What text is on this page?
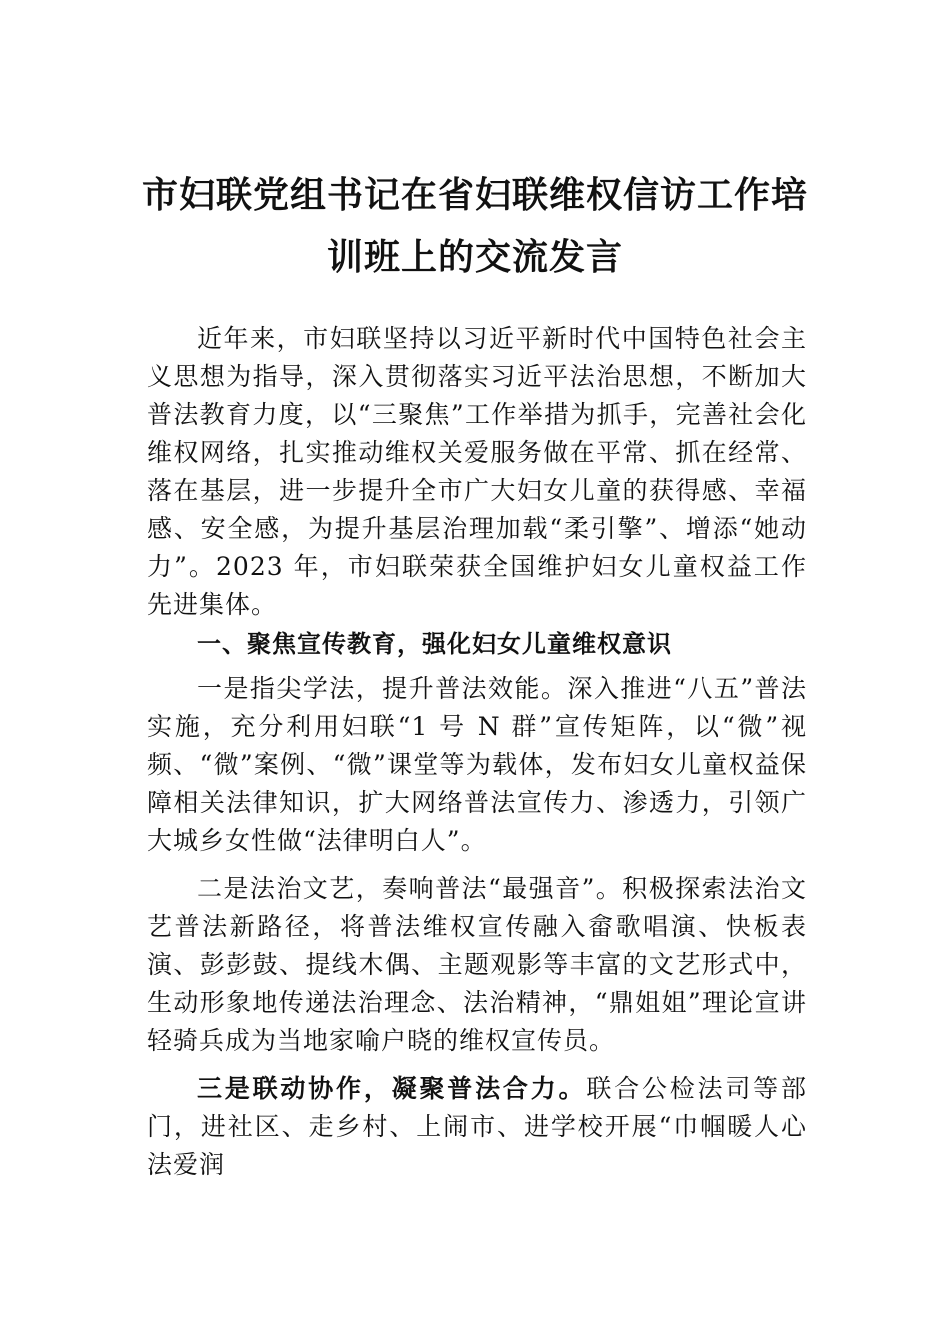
市妇联党组书记在省妇联维权信访工作培
训班上的交流发言

近年来，市妇联坚持以习近平新时代中国特色社会主义思想为指导，深入贯彻落实习近平法治思想，不断加大普法教育力度，以“三聚焦”工作举措为抓手，完善社会化维权网络，扎实推动维权关爱服务做在平常、抓在经常、落在基层，进一步提升全市广大妇女儿童的获得感、幸福感、安全感，为提升基层治理加载“柔引擎”、增添“她动力”。2023 年，市妇联荣获全国维护妇女儿童权益工作先进集体。

一、聚焦宣传教育，强化妇女儿童维权意识

一是指尖学法，提升普法效能。深入推进“八五”普法实施，充分利用妇联“1 号 N 群”宣传矩阵，以“微”视频、“微”案例、“微”课堂等为载体，发布妇女儿童权益保障相关法律知识，扩大网络普法宣传力、渗透力，引领广大城乡女性做“法律明白人”。

二是法治文艺，奏响普法“最强音”。积极探索法治文艺普法新路径，将普法维权宣传融入畲歌唱演、快板表演、彭彭鼓、提线木偶、主题观影等丰富的文艺形式中，生动形象地传递法治理念、法治精神，“鼎姐姐”理论宣讲轻骑兵成为当地家喻户晓的维权宣传员。

三是联动协作，凝聚普法合力。联合公检法司等部门，进社区、走乡村、上闹市、进学校开展“巾帼暖人心法爱润
